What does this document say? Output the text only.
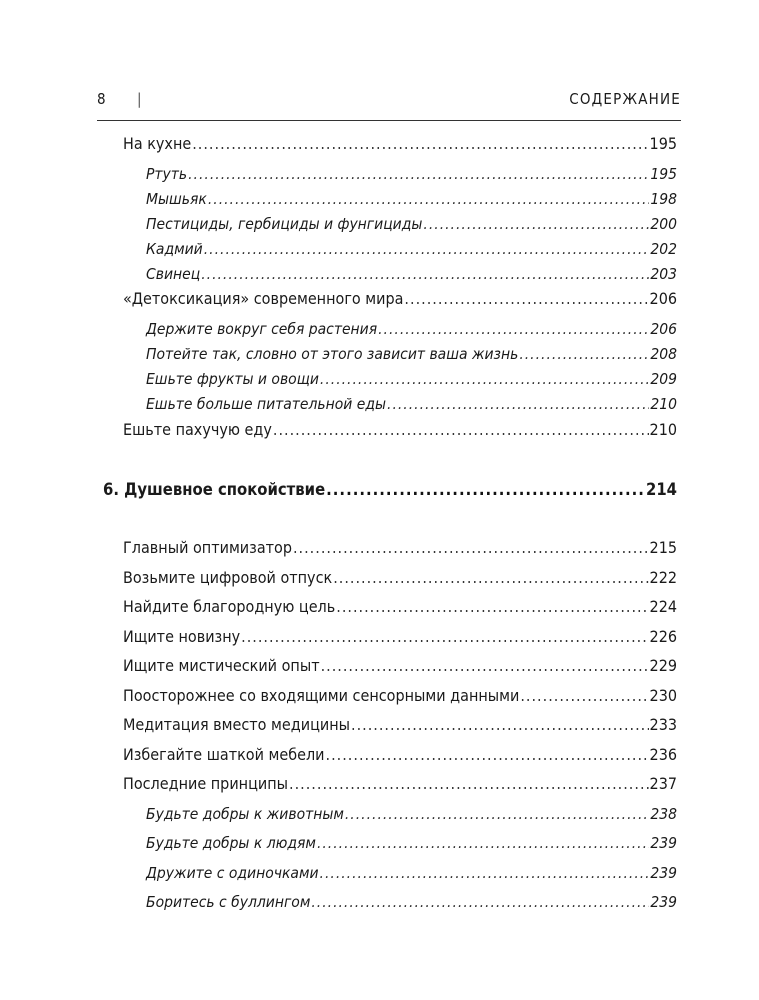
8 |	СОДЕРЖАНИЕ
На кухне .....	195
Ртуть .....	195
Мышьяк .....	198
Пестициды, гербициды и фунгициды .....	200
Кадмий .....	202
Свинец .....	203
«Детоксикация» современного мира .....	206
Держите вокруг себя растения .....	206
Потейте так, словно от этого зависит ваша жизнь .....	208
Ешьте фрукты и овощи .....	209
Ешьте больше питательной еды .....	210
Ешьте пахучую еду .....	210
6. Душевное спокойствие .....	214
Главный оптимизатор .....	215
Возьмите цифровой отпуск .....	222
Найдите благородную цель .....	224
Ищите новизну .....	226
Ищите мистический опыт .....	229
Поосторожнее со входящими сенсорными данными .....	230
Медитация вместо медицины .....	233
Избегайте шаткой мебели .....	236
Последние принципы .....	237
Будьте добры к животным .....	238
Будьте добры к людям .....	239
Дружите с одиночками .....	239
Боритесь с буллингом .....	239
